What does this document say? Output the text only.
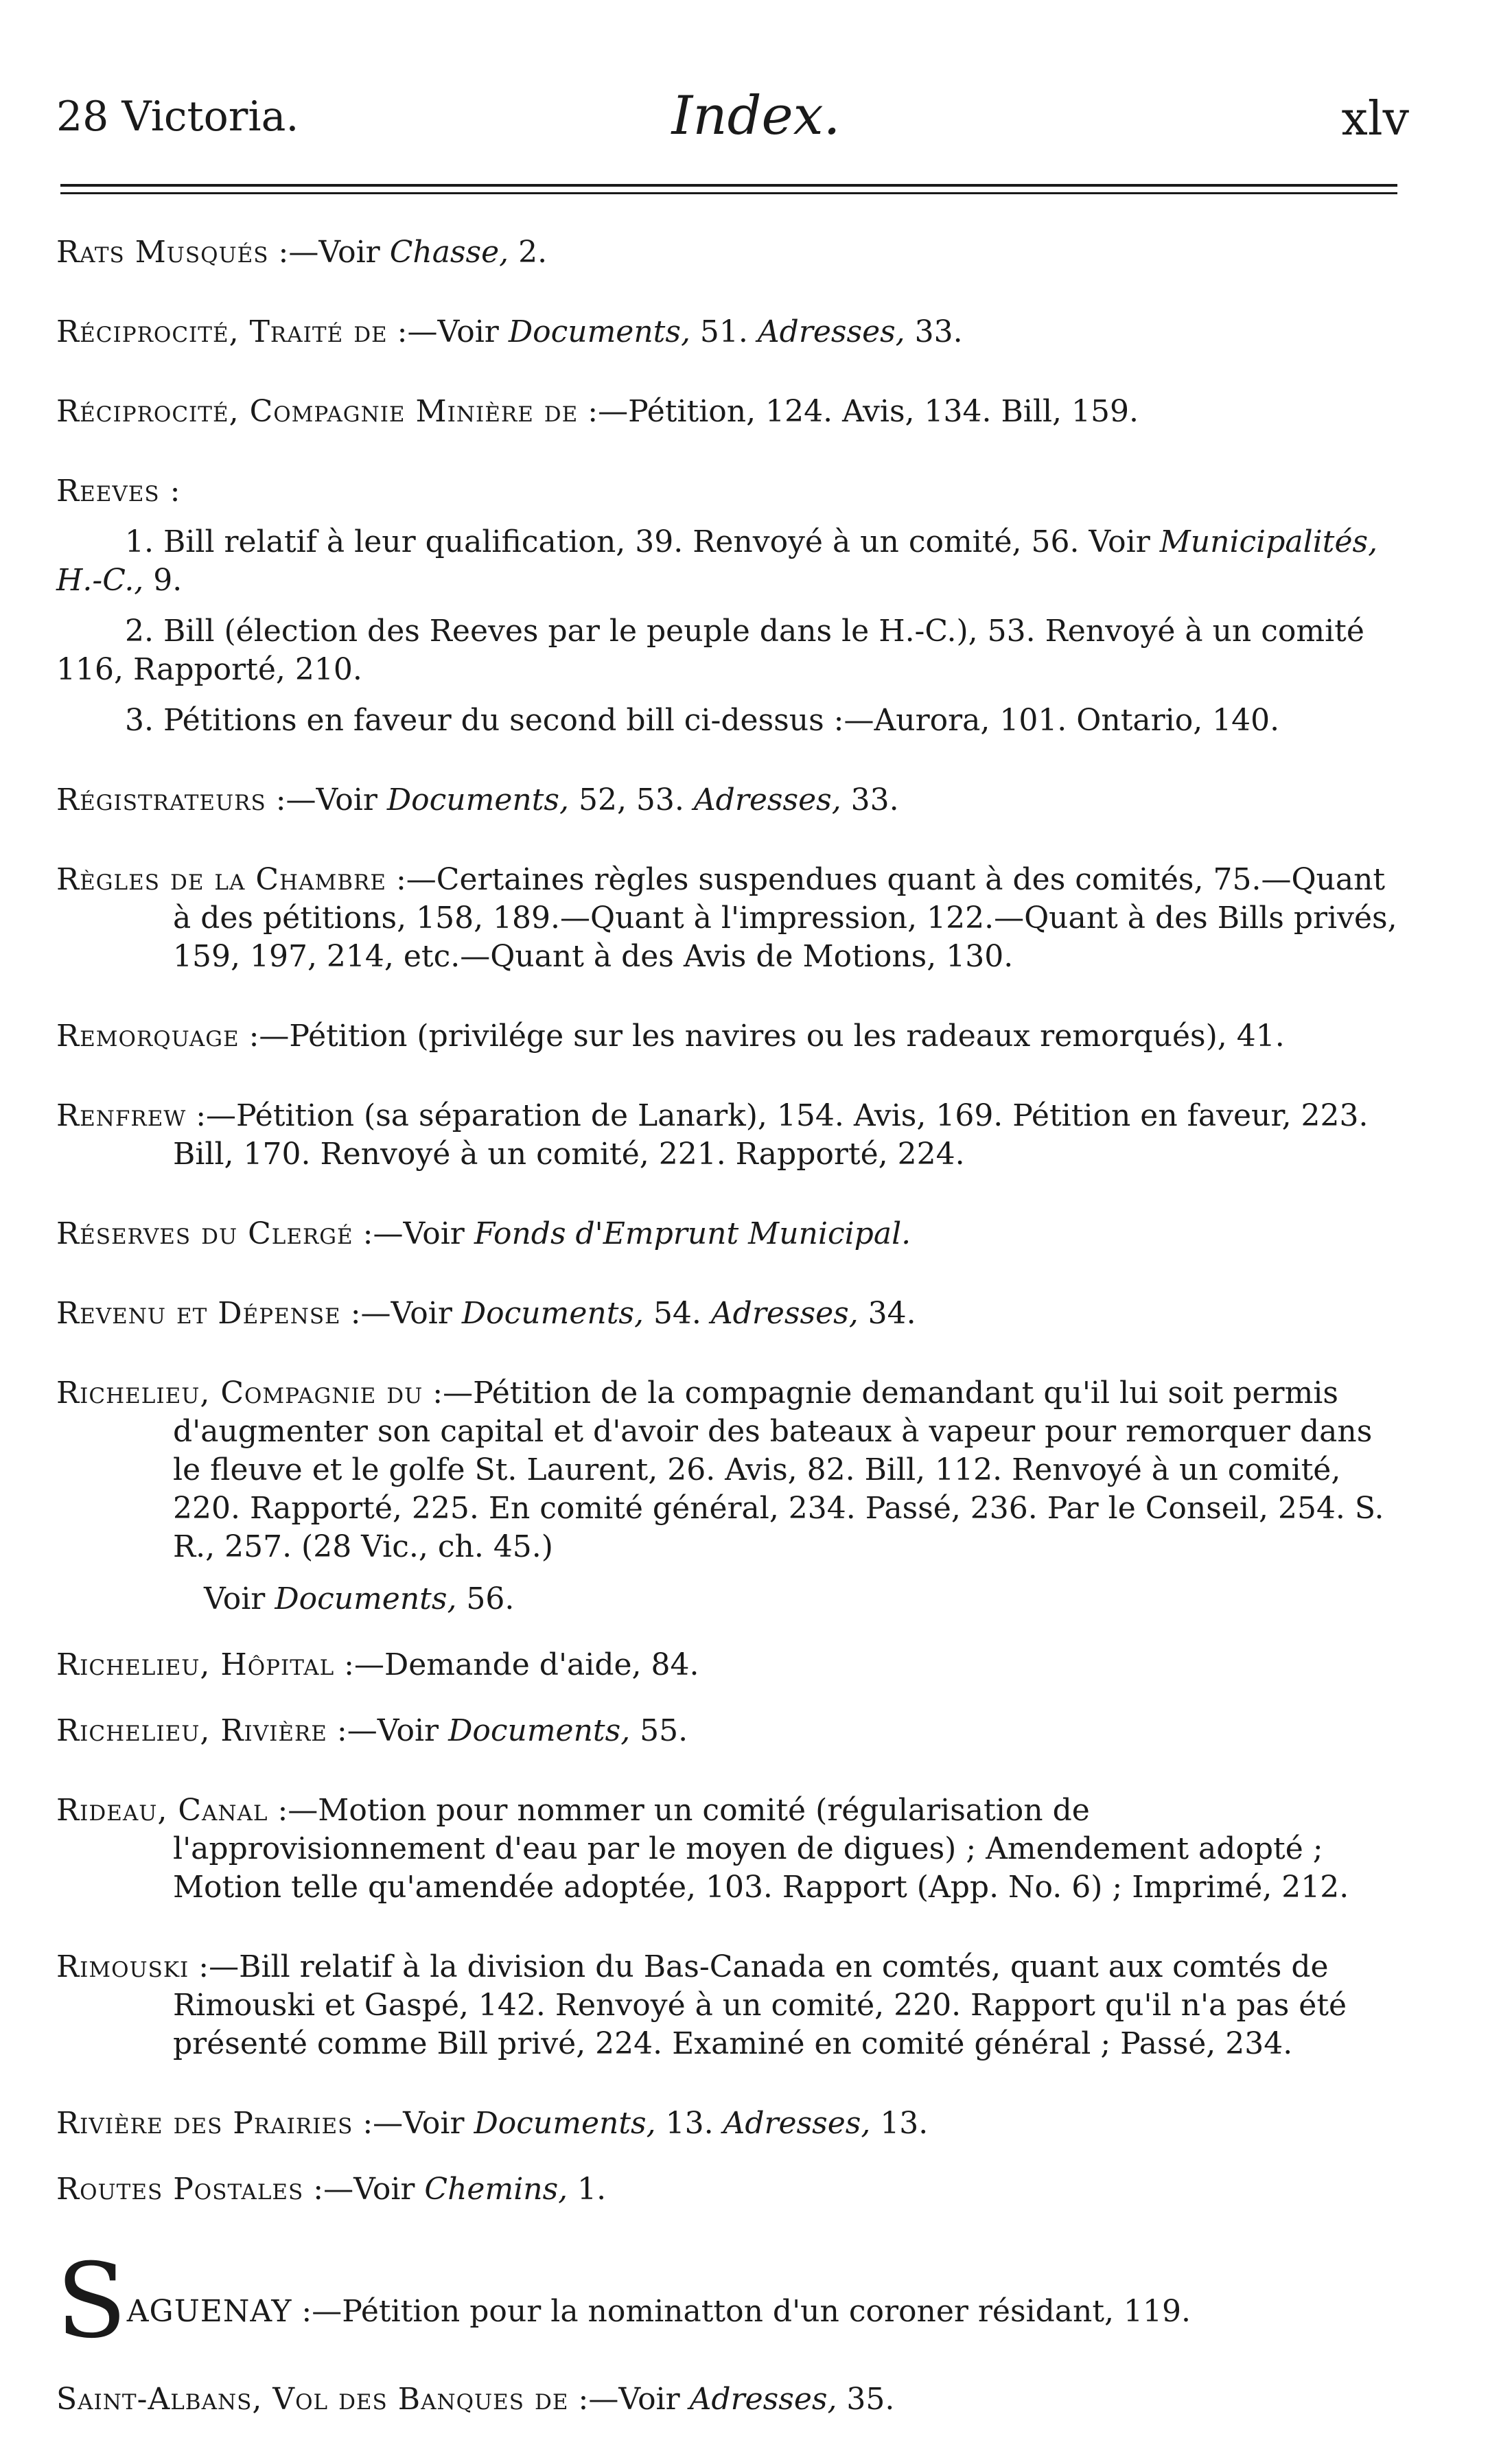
28 Victoria.	Index.	xlv
Rats Musqués :—Voir Chasse, 2.
Réciprocité, Traité de :—Voir Documents, 51. Adresses, 33.
Réciprocité, Compagnie Minière de :—Pétition, 124. Avis, 134. Bill, 159.
Reeves :
1. Bill relatif à leur qualification, 39. Renvoyé à un comité, 56. Voir Municipalités, H.-C., 9.
2. Bill (élection des Reeves par le peuple dans le H.-C.), 53. Renvoyé à un comité 116, Rapporté, 210.
3. Pétitions en faveur du second bill ci-dessus :—Aurora, 101. Ontario, 140.
Régistrateurs :—Voir Documents, 52, 53. Adresses, 33.
Règles de la Chambre :—Certaines règles suspendues quant à des comités, 75.—Quant à des pétitions, 158, 189.—Quant à l'impression, 122.—Quant à des Bills privés, 159, 197, 214, etc.—Quant à des Avis de Motions, 130.
Remorquage :—Pétition (privilége sur les navires ou les radeaux remorqués), 41.
Renfrew :—Pétition (sa séparation de Lanark), 154. Avis, 169. Pétition en faveur, 223. Bill, 170. Renvoyé à un comité, 221. Rapporté, 224.
Réserves du Clergé :—Voir Fonds d'Emprunt Municipal.
Revenu et Dépense :—Voir Documents, 54. Adresses, 34.
Richelieu, Compagnie du :—Pétition de la compagnie demandant qu'il lui soit permis d'augmenter son capital et d'avoir des bateaux à vapeur pour remorquer dans le fleuve et le golfe St. Laurent, 26. Avis, 82. Bill, 112. Renvoyé à un comité, 220. Rapporté, 225. En comité général, 234. Passé, 236. Par le Conseil, 254. S. R., 257. (28 Vic., ch. 45.)
Voir Documents, 56.
Richelieu, Hôpital :—Demande d'aide, 84.
Richelieu, Rivière :—Voir Documents, 55.
Rideau, Canal :—Motion pour nommer un comité (régularisation de l'approvisionnement d'eau par le moyen de digues) ; Amendement adopté ; Motion telle qu'amendée adoptée, 103. Rapport (App. No. 6) ; Imprimé, 212.
Rimouski :—Bill relatif à la division du Bas-Canada en comtés, quant aux comtés de Rimouski et Gaspé, 142. Renvoyé à un comité, 220. Rapport qu'il n'a pas été présenté comme Bill privé, 224. Examiné en comité général ; Passé, 234.
Rivière des Prairies :—Voir Documents, 13. Adresses, 13.
Routes Postales :—Voir Chemins, 1.
SAGUENAY :—Pétition pour la nominatton d'un coroner résidant, 119.
Saint-Albans, Vol des Banques de :—Voir Adresses, 35.
